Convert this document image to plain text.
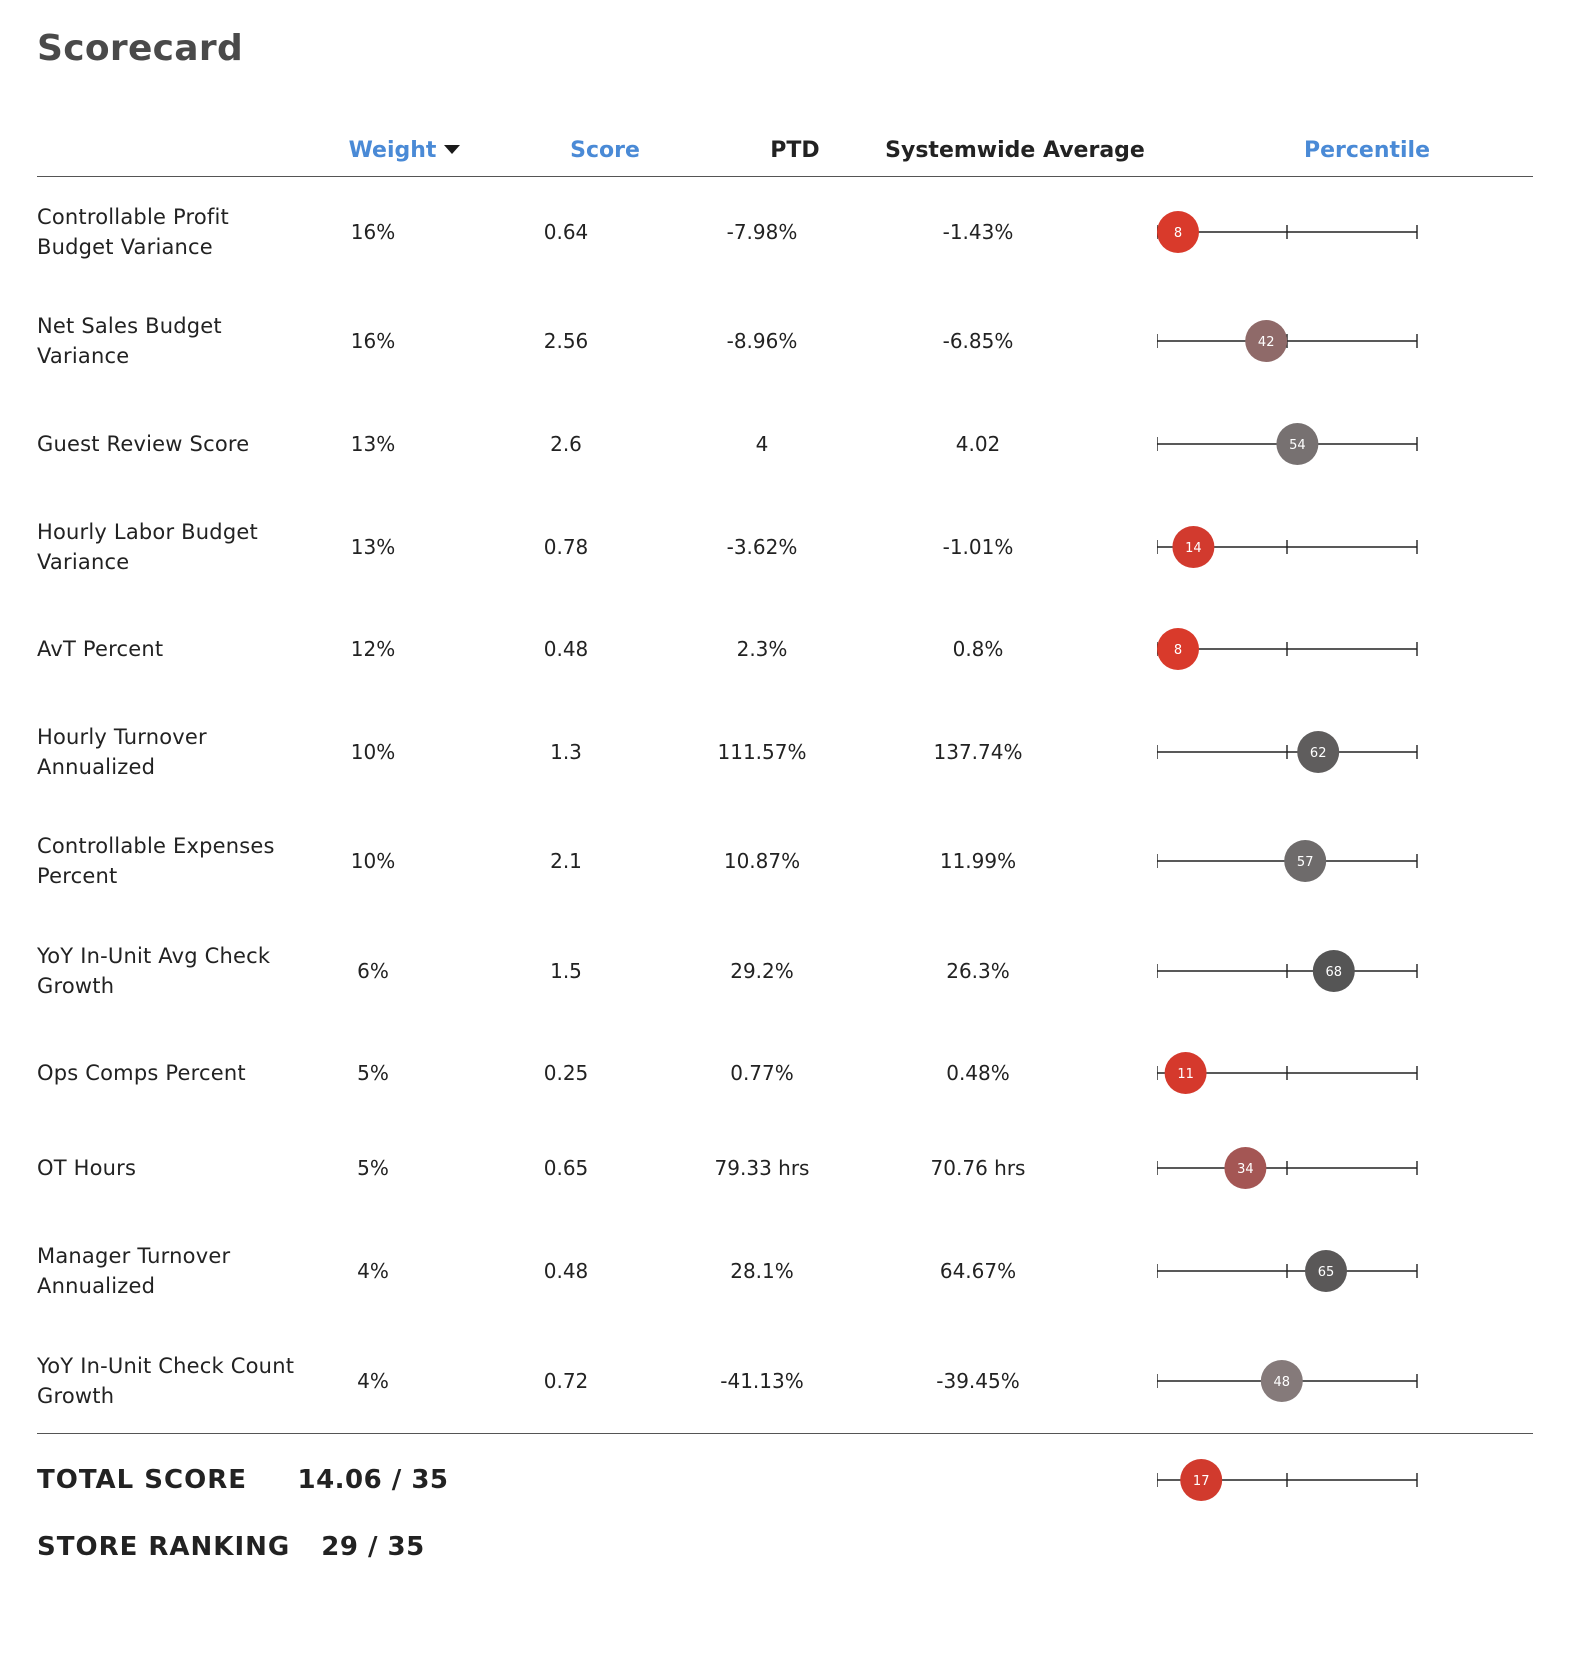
Scorecard
Weight	Score	PTD	Systemwide Average	Percentile
Controllable Profit Budget Variance
16%	0.64	-7.98%	-1.43%	8
Net Sales Budget Variance
16%	2.56	-8.96%	-6.85%	42
Guest Review Score	13%	2.6	4	4.02	54
Hourly Labor Budget Variance
13%	0.78	-3.62%	-1.01%	14
AvT Percent	12%	0.48	2.3%	0.8%	8
Hourly Turnover Annualized
10%	1.3	111.57%	137.74%	62
Controllable Expenses Percent
10%	2.1	10.87%	11.99%	57
YoY In-Unit Avg Check Growth
6%	1.5	29.2%	26.3%	68
Ops Comps Percent	5%	0.25	0.77%	0.48%	11
OT Hours	5%	0.65	79.33 hrs	70.76 hrs	34
Manager Turnover Annualized
4%	0.48	28.1%	64.67%	65
YoY In-Unit Check Count Growth
4%	0.72	-41.13%	-39.45%	48
TOTAL SCORE 14.06 / 35	17
STORE RANKING 29 / 35
